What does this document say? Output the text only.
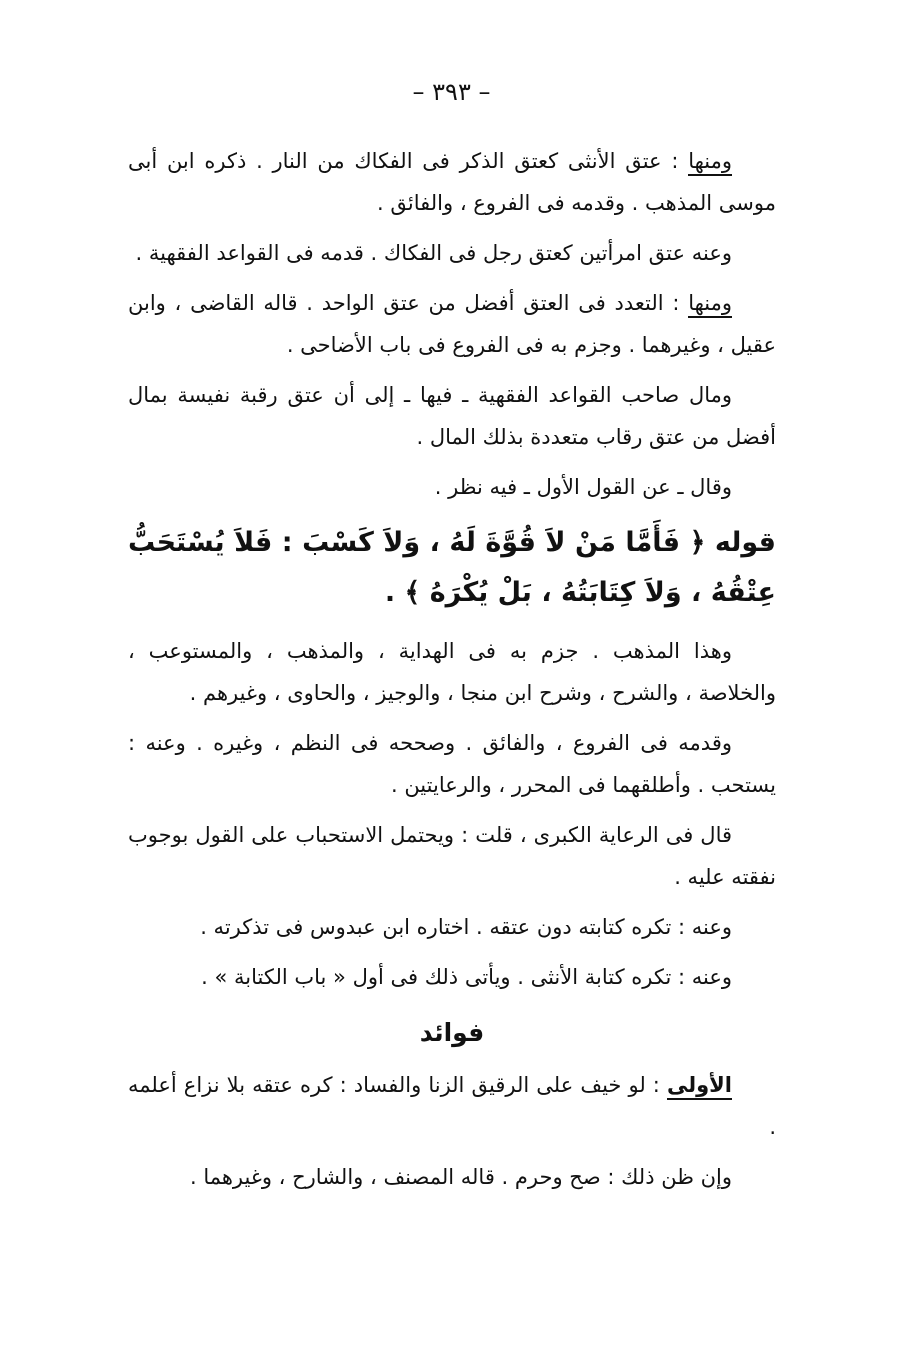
– ٣٩٣ –

ومنها : عتق الأنثى كعتق الذكر فى الفكاك من النار . ذكره ابن أبى موسى المذهب . وقدمه فى الفروع ، والفائق .

وعنه عتق امرأتين كعتق رجل فى الفكاك . قدمه فى القواعد الفقهية .

ومنها : التعدد فى العتق أفضل من عتق الواحد . قاله القاضى ، وابن عقيل ، وغيرهما . وجزم به فى الفروع فى باب الأضاحى .

ومال صاحب القواعد الفقهية ـ فيها ـ إلى أن عتق رقبة نفيسة بمال أفضل من عتق رقاب متعددة بذلك المال .

وقال ـ عن القول الأول ـ فيه نظر .

قوله ﴿ فَأَمَّا مَنْ لاَ قُوَّةَ لَهُ ، وَلاَ كَسْبَ : فَلاَ يُسْتَحَبُّ عِتْقُهُ ، وَلاَ كِتَابَتُهُ ، بَلْ يُكْرَهُ ﴾ .

وهذا المذهب . جزم به فى الهداية ، والمذهب ، والمستوعب ، والخلاصة ، والشرح ، وشرح ابن منجا ، والوجيز ، والحاوى ، وغيرهم .

وقدمه فى الفروع ، والفائق . وصححه فى النظم ، وغيره . وعنه : يستحب . وأطلقهما فى المحرر ، والرعايتين .

قال فى الرعاية الكبرى ، قلت : ويحتمل الاستحباب على القول بوجوب نفقته عليه .

وعنه : تكره كتابته دون عتقه . اختاره ابن عبدوس فى تذكرته .

وعنه : تكره كتابة الأنثى . ويأتى ذلك فى أول « باب الكتابة » .

فوائد

الأولى : لو خيف على الرقيق الزنا والفساد : كره عتقه بلا نزاع أعلمه .

وإن ظن ذلك : صح وحرم . قاله المصنف ، والشارح ، وغيرهما .
